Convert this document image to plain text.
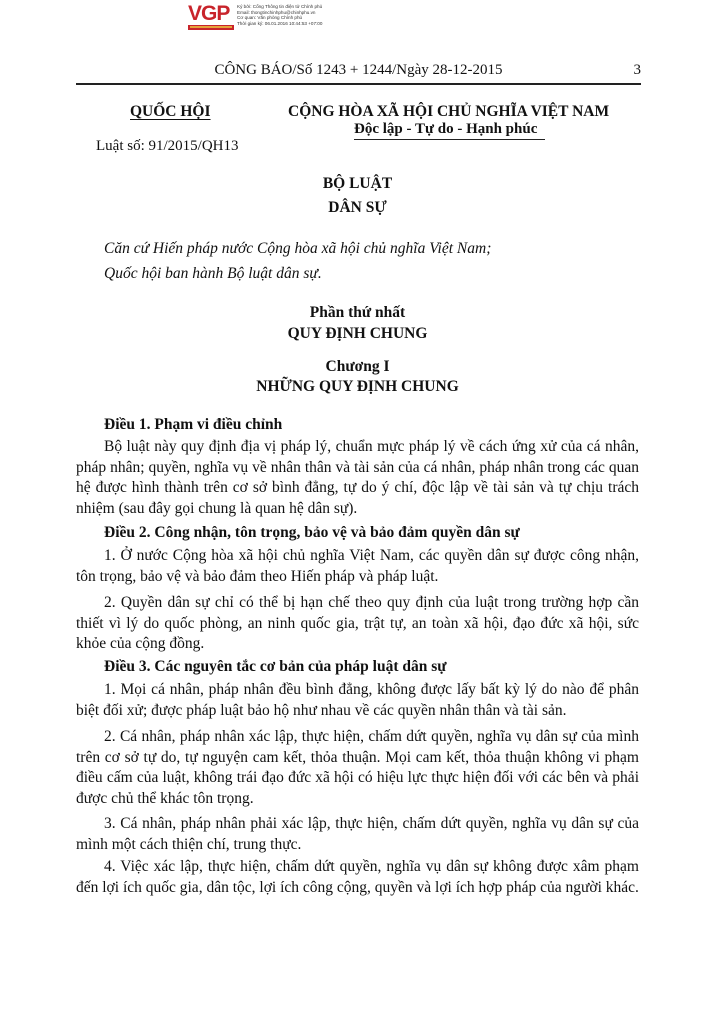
VGP Ký bởi: Cổng Thông tin điện tử Chính phủ
Email: thongtinchinhphu@chinhphu.vn
Cơ quan: Văn phòng Chính phủ
Thời gian ký: 06.01.2016 10:44:53 +07:00
CÔNG BÁO/Số 1243 + 1244/Ngày 28-12-2015	3
QUỐC HỘI	CỘNG HÒA XÃ HỘI CHỦ NGHĨA VIỆT NAM
Độc lập - Tự do - Hạnh phúc
Luật số: 91/2015/QH13
BỘ LUẬT
DÂN SỰ
Căn cứ Hiến pháp nước Cộng hòa xã hội chủ nghĩa Việt Nam;
Quốc hội ban hành Bộ luật dân sự.
Phần thứ nhất
QUY ĐỊNH CHUNG
Chương I
NHỮNG QUY ĐỊNH CHUNG
Điều 1. Phạm vi điều chỉnh

Bộ luật này quy định địa vị pháp lý, chuẩn mực pháp lý về cách ứng xử của cá nhân, pháp nhân; quyền, nghĩa vụ về nhân thân và tài sản của cá nhân, pháp nhân trong các quan hệ được hình thành trên cơ sở bình đẳng, tự do ý chí, độc lập về tài sản và tự chịu trách nhiệm (sau đây gọi chung là quan hệ dân sự).

Điều 2. Công nhận, tôn trọng, bảo vệ và bảo đảm quyền dân sự

1. Ở nước Cộng hòa xã hội chủ nghĩa Việt Nam, các quyền dân sự được công nhận, tôn trọng, bảo vệ và bảo đảm theo Hiến pháp và pháp luật.

2. Quyền dân sự chỉ có thể bị hạn chế theo quy định của luật trong trường hợp cần thiết vì lý do quốc phòng, an ninh quốc gia, trật tự, an toàn xã hội, đạo đức xã hội, sức khỏe của cộng đồng.

Điều 3. Các nguyên tắc cơ bản của pháp luật dân sự

1. Mọi cá nhân, pháp nhân đều bình đẳng, không được lấy bất kỳ lý do nào để phân biệt đối xử; được pháp luật bảo hộ như nhau về các quyền nhân thân và tài sản.

2. Cá nhân, pháp nhân xác lập, thực hiện, chấm dứt quyền, nghĩa vụ dân sự của mình trên cơ sở tự do, tự nguyện cam kết, thỏa thuận. Mọi cam kết, thỏa thuận không vi phạm điều cấm của luật, không trái đạo đức xã hội có hiệu lực thực hiện đối với các bên và phải được chủ thể khác tôn trọng.

3. Cá nhân, pháp nhân phải xác lập, thực hiện, chấm dứt quyền, nghĩa vụ dân sự của mình một cách thiện chí, trung thực.

4. Việc xác lập, thực hiện, chấm dứt quyền, nghĩa vụ dân sự không được xâm phạm đến lợi ích quốc gia, dân tộc, lợi ích công cộng, quyền và lợi ích hợp pháp của người khác.
